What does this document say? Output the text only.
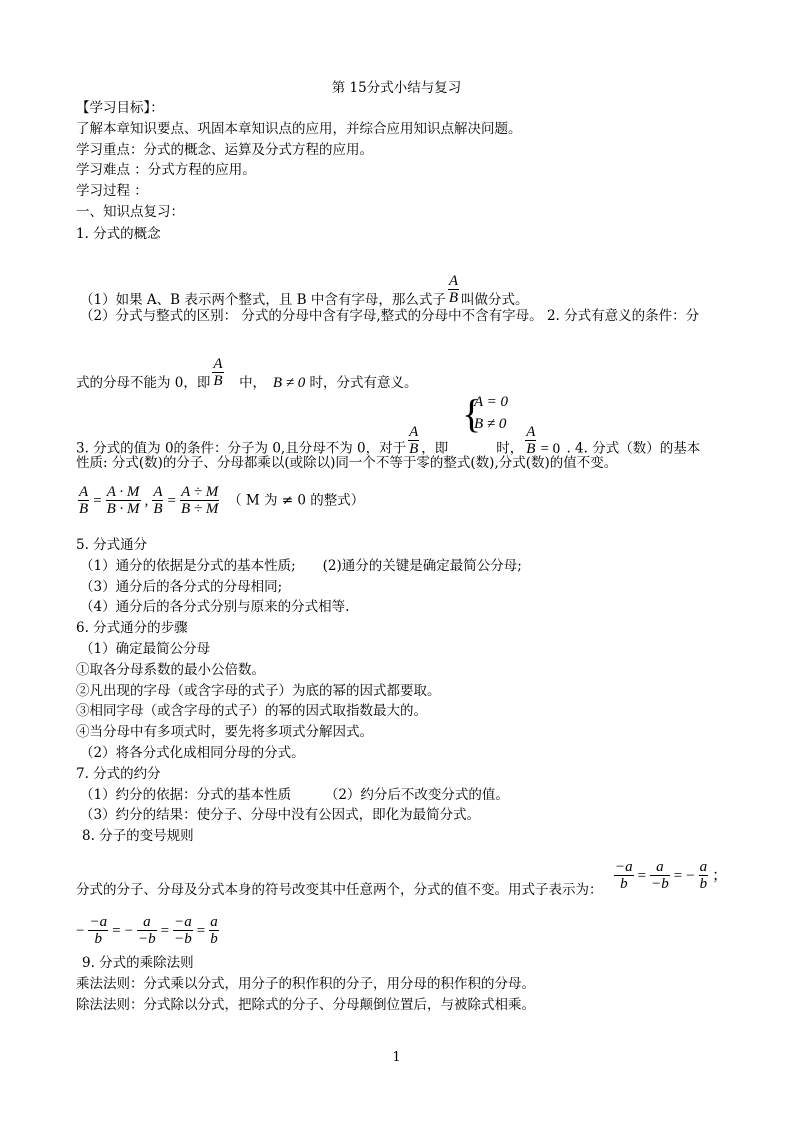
第 15分式小结与复习
【学习目标】：
了解本章知识要点、巩固本章知识点的应用，并综合应用知识点解决问题。
学习重点：分式的概念、运算及分式方程的应用。
学习难点 ：分式方程的应用。
学习过程 ：
一、知识点复习：
1. 分式的概念
（1）如果 A、B 表示两个整式，且 B 中含有字母，那么式子 $\frac{A}{B}$ 叫做分式。
（2）分式与整式的区别： 分式的分母中含有字母,整式的分母中不含有字母。 2. 分式有意义的条件：分
式的分母不能为 0，即 $\frac{A}{B}$
　 中，　 B ≠ 0 时，分式有意义。
3. 分式的值为 0的条件：分子为 0,且分母不为 0，对于 $\frac{A}{B}$ ，即	时， $\frac{A}{B} = 0$ . 4. 分式（数）的基本
{
A = 0
B ≠ 0
性质: 分式(数)的分子、分母都乘以(或除以)同一个不等于零的整式(数),分式(数)的值不变。
$\frac{A}{B} = \frac{A \cdot M}{B \cdot M}$ , $\frac{A}{B} = \frac{A \div M}{B \div M}$
　 （ M 为 ≠ 0 的整式）
5. 分式通分
（1）通分的依据是分式的基本性质;　　(2)通分的关键是确定最简公分母;
（3）通分后的各分式的分母相同;
（4）通分后的各分式分别与原来的分式相等.
6. 分式通分的步骤
（1）确定最简公分母
①取各分母系数的最小公倍数。
②凡出现的字母（或含字母的式子）为底的幂的因式都要取。
③相同字母（或含字母的式子）的幂的因式取指数最大的。
④当分母中有多项式时，要先将多项式分解因式。
（2）将各分式化成相同分母的分式。
7. 分式的约分
（1）约分的依据：分式的基本性质　　　（2）约分后不改变分式的值。
（3）约分的结果：使分子、分母中没有公因式，即化为最简分式。
8. 分子的变号规则
分式的分子、分母及分式本身的符号改变其中任意两个，分式的值不变。用式子表示为： $\frac{-a}{b} = \frac{a}{-b}$ = − $\frac{a}{b}$ ；
− $\frac{-a}{b}$ = − $\frac{a}{-b} = \frac{-a}{-b} = \frac{a}{b}$
9. 分式的乘除法则
乘法法则：分式乘以分式，用分子的积作积的分子，用分母的积作积的分母。
除法法则：分式除以分式，把除式的分子、分母颠倒位置后，与被除式相乘。
1
